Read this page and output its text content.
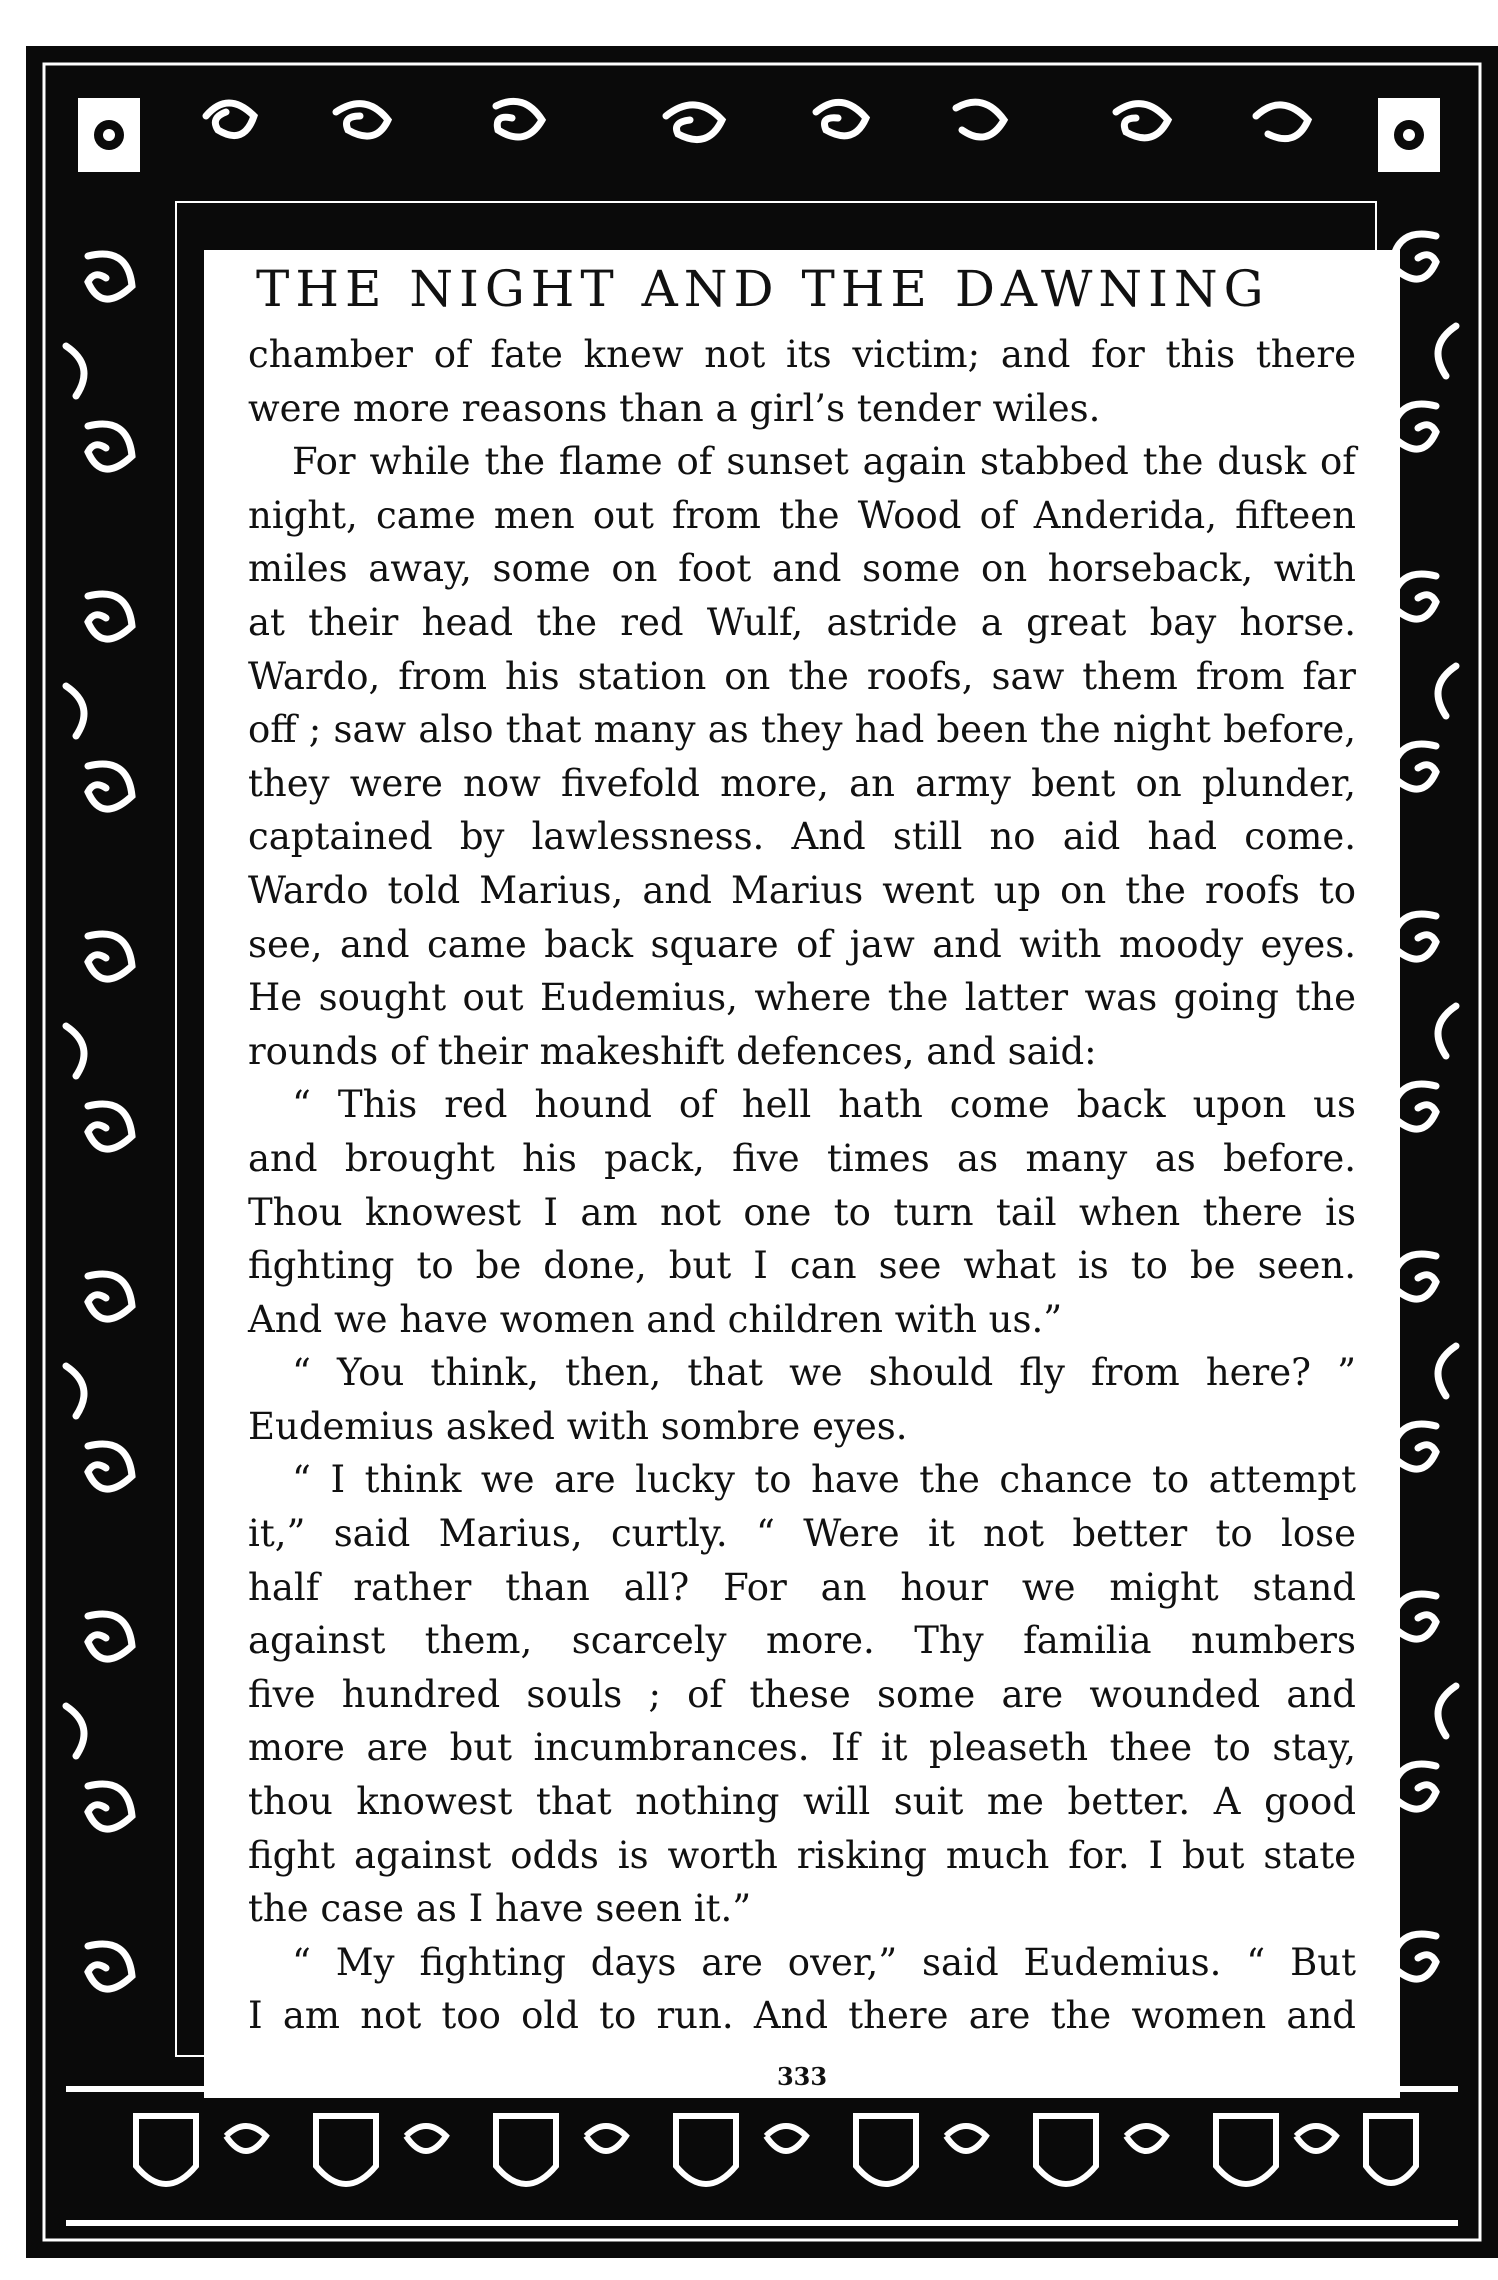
THE NIGHT AND THE DAWNING
chamber of fate knew not its victim; and for this there
were more reasons than a girl’s tender wiles.
For while the flame of sunset again stabbed the dusk of
night, came men out from the Wood of Anderida, fifteen
miles away, some on foot and some on horseback, with
at their head the red Wulf, astride a great bay horse.
Wardo, from his station on the roofs, saw them from far
off ; saw also that many as they had been the night before,
they were now fivefold more, an army bent on plunder,
captained by lawlessness. And still no aid had come.
Wardo told Marius, and Marius went up on the roofs to
see, and came back square of jaw and with moody eyes.
He sought out Eudemius, where the latter was going the
rounds of their makeshift defences, and said:
“ This red hound of hell hath come back upon us
and brought his pack, five times as many as before.
Thou knowest I am not one to turn tail when there is
fighting to be done, but I can see what is to be seen.
And we have women and children with us.”
“ You think, then, that we should fly from here? ”
Eudemius asked with sombre eyes.
“ I think we are lucky to have the chance to attempt
it,” said Marius, curtly. “ Were it not better to lose
half rather than all? For an hour we might stand
against them, scarcely more. Thy familia numbers
five hundred souls ; of these some are wounded and
more are but incumbrances. If it pleaseth thee to stay,
thou knowest that nothing will suit me better. A good
fight against odds is worth risking much for. I but state
the case as I have seen it.”
“ My fighting days are over,” said Eudemius. “ But
I am not too old to run. And there are the women and
333
